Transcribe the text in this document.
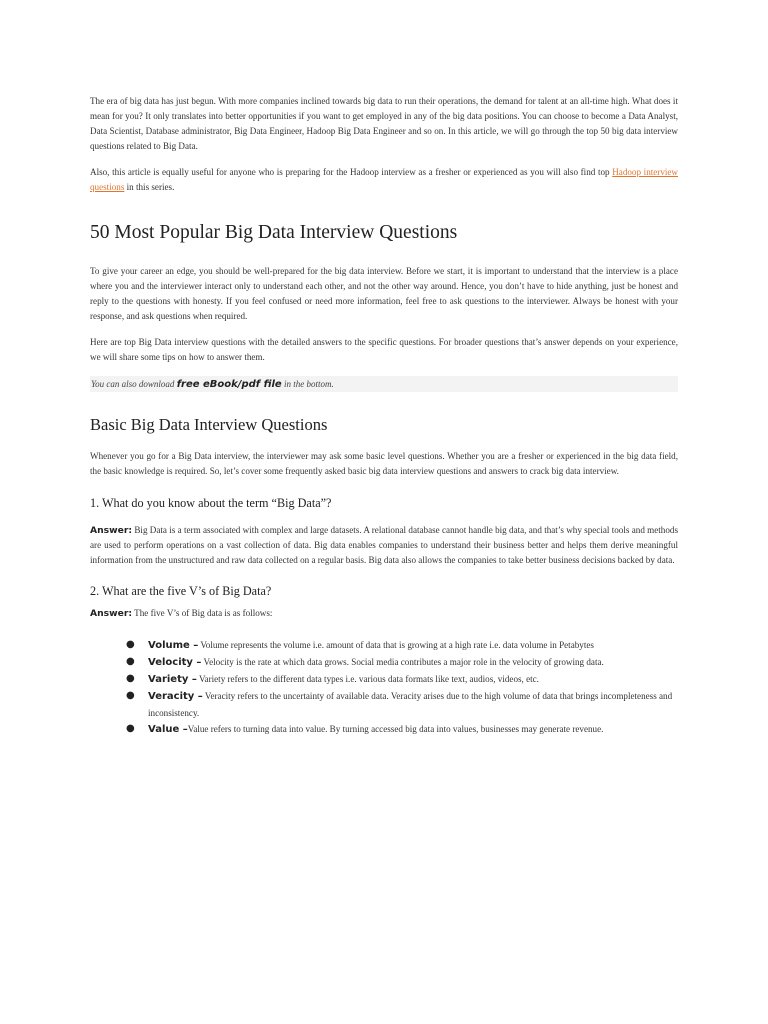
The era of big data has just begun. With more companies inclined towards big data to run their operations, the demand for talent at an all-time high. What does it mean for you? It only translates into better opportunities if you want to get employed in any of the big data positions. You can choose to become a Data Analyst, Data Scientist, Database administrator, Big Data Engineer, Hadoop Big Data Engineer and so on. In this article, we will go through the top 50 big data interview questions related to Big Data.

Also, this article is equally useful for anyone who is preparing for the Hadoop interview as a fresher or experienced as you will also find top Hadoop interview questions in this series.

50 Most Popular Big Data Interview Questions

To give your career an edge, you should be well-prepared for the big data interview. Before we start, it is important to understand that the interview is a place where you and the interviewer interact only to understand each other, and not the other way around. Hence, you don’t have to hide anything, just be honest and reply to the questions with honesty. If you feel confused or need more information, feel free to ask questions to the interviewer. Always be honest with your response, and ask questions when required.

Here are top Big Data interview questions with the detailed answers to the specific questions. For broader questions that’s answer depends on your experience, we will share some tips on how to answer them.

You can also download free eBook/pdf file in the bottom.
Basic Big Data Interview Questions

Whenever you go for a Big Data interview, the interviewer may ask some basic level questions. Whether you are a fresher or experienced in the big data field, the basic knowledge is required. So, let’s cover some frequently asked basic big data interview questions and answers to crack big data interview.

1. What do you know about the term “Big Data”?

Answer: Big Data is a term associated with complex and large datasets. A relational database cannot handle big data, and that’s why special tools and methods are used to perform operations on a vast collection of data. Big data enables companies to understand their business better and helps them derive meaningful information from the unstructured and raw data collected on a regular basis. Big data also allows the companies to take better business decisions backed by data.

2. What are the five V’s of Big Data?

Answer: The five V’s of Big data is as follows:

● Volume – Volume represents the volume i.e. amount of data that is growing at a high rate i.e. data volume in Petabytes
● Velocity – Velocity is the rate at which data grows. Social media contributes a major role in the velocity of growing data.
● Variety – Variety refers to the different data types i.e. various data formats like text, audios, videos, etc.
● Veracity – Veracity refers to the uncertainty of available data. Veracity arises due to the high volume of data that brings incompleteness and inconsistency.
● Value –Value refers to turning data into value. By turning accessed big data into values, businesses may generate revenue.
